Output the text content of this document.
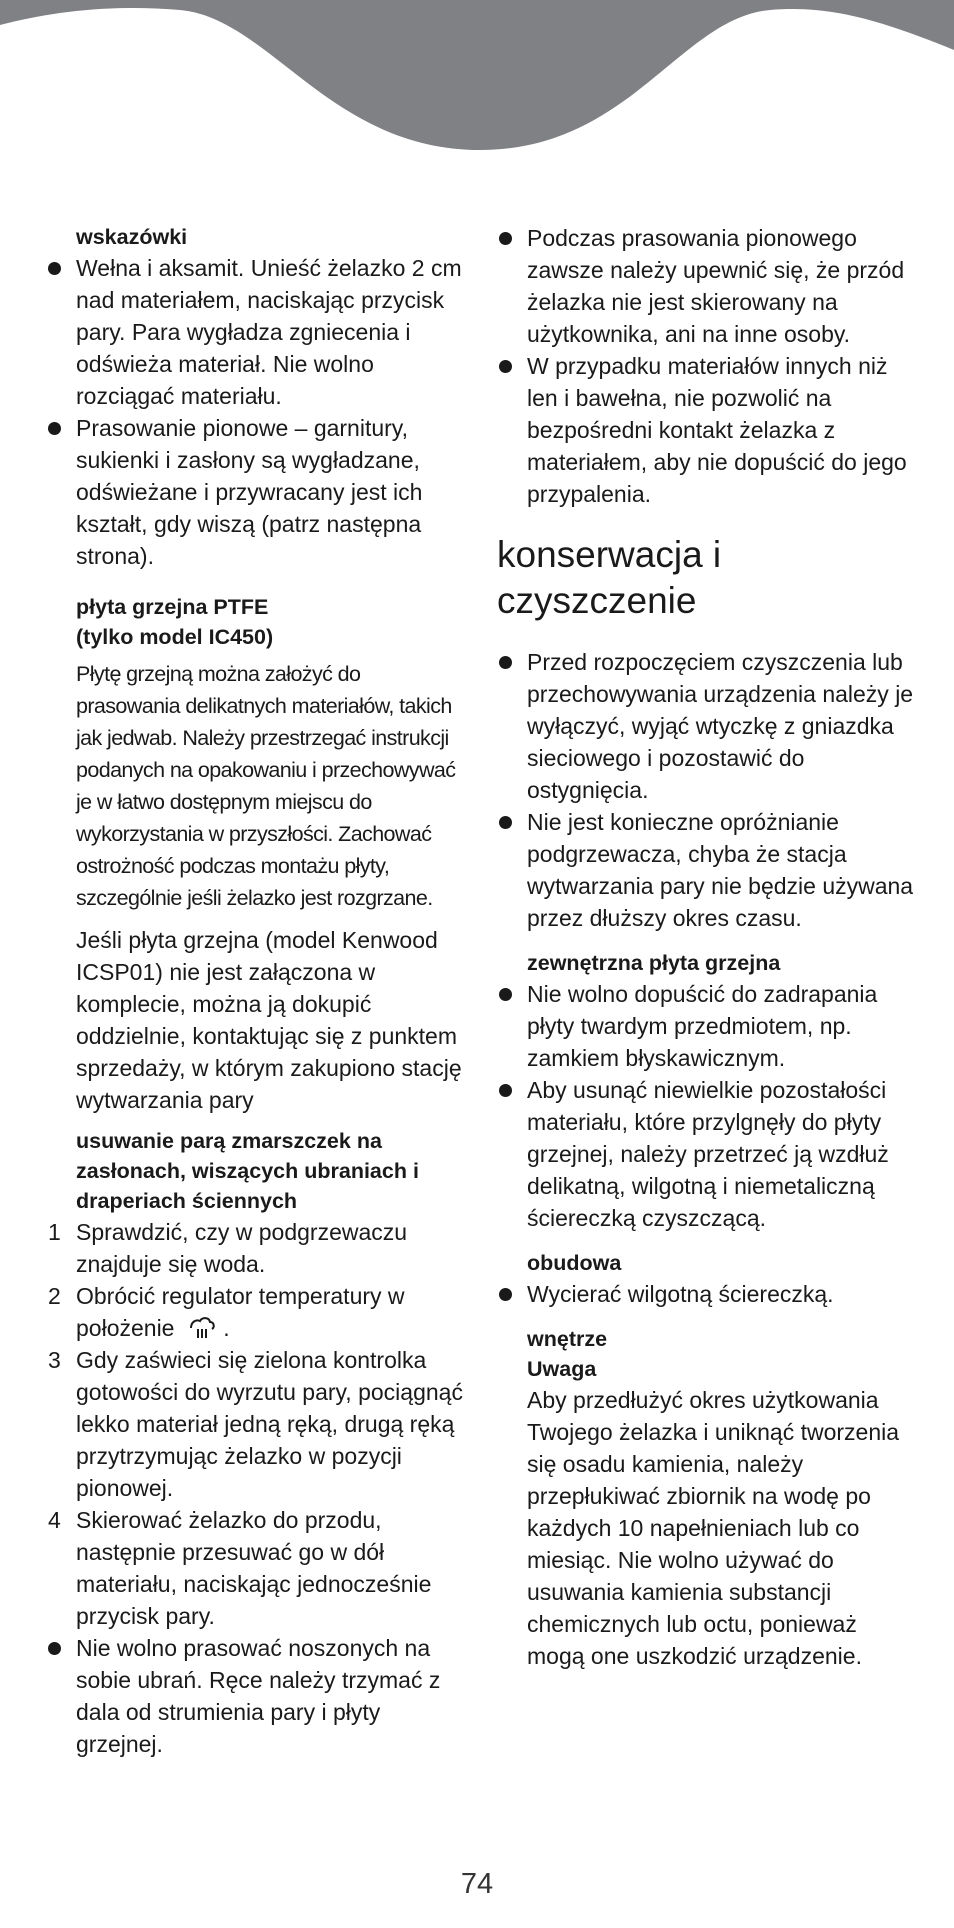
wskazówki

Wełna i aksamit. Unieść żelazko 2 cm nad materiałem, naciskając przycisk pary. Para wygładza zgniecenia i odświeża materiał. Nie wolno rozciągać materiału.

Prasowanie pionowe – garnitury, sukienki i zasłony są wygładzane, odświeżane i przywracany jest ich kształt, gdy wiszą (patrz następna strona).

płyta grzejna PTFE

(tylko model IC450)

Płytę grzejną można założyć do prasowania delikatnych materiałów, takich jak jedwab. Należy przestrzegać instrukcji podanych na opakowaniu i przechowywać je w łatwo dostępnym miejscu do wykorzystania w przyszłości. Zachować ostrożność podczas montażu płyty, szczególnie jeśli żelazko jest rozgrzane.

Jeśli płyta grzejna (model Kenwood ICSP01) nie jest załączona w komplecie, można ją dokupić oddzielnie, kontaktując się z punktem sprzedaży, w którym zakupiono stację wytwarzania pary

usuwanie parą zmarszczek na zasłonach, wiszących ubraniach i draperiach ściennych

1 Sprawdzić, czy w podgrzewaczu znajduje się woda.

2 Obrócić regulator temperatury w położenie .

3 Gdy zaświeci się zielona kontrolka gotowości do wyrzutu pary, pociągnąć lekko materiał jedną ręką, drugą ręką przytrzymując żelazko w pozycji pionowej.

4 Skierować żelazko do przodu, następnie przesuwać go w dół materiału, naciskając jednocześnie przycisk pary.

Nie wolno prasować noszonych na sobie ubrań. Ręce należy trzymać z dala od strumienia pary i płyty grzejnej.

Podczas prasowania pionowego zawsze należy upewnić się, że przód żelazka nie jest skierowany na użytkownika, ani na inne osoby.

W przypadku materiałów innych niż len i bawełna, nie pozwolić na bezpośredni kontakt żelazka z materiałem, aby nie dopuścić do jego przypalenia.

konserwacja i
czyszczenie

Przed rozpoczęciem czyszczenia lub przechowywania urządzenia należy je wyłączyć, wyjąć wtyczkę z gniazdka sieciowego i pozostawić do ostygnięcia.

Nie jest konieczne opróżnianie podgrzewacza, chyba że stacja wytwarzania pary nie będzie używana przez dłuższy okres czasu.

zewnętrzna płyta grzejna

Nie wolno dopuścić do zadrapania płyty twardym przedmiotem, np. zamkiem błyskawicznym.

Aby usunąć niewielkie pozostałości materiału, które przylgnęły do płyty grzejnej, należy przetrzeć ją wzdłuż delikatną, wilgotną i niemetaliczną ściereczką czyszczącą.

obudowa

Wycierać wilgotną ściereczką.

wnętrze

Uwaga

Aby przedłużyć okres użytkowania Twojego żelazka i uniknąć tworzenia się osadu kamienia, należy przepłukiwać zbiornik na wodę po każdych 10 napełnieniach lub co miesiąc. Nie wolno używać do usuwania kamienia substancji chemicznych lub octu, ponieważ mogą one uszkodzić urządzenie.

74
